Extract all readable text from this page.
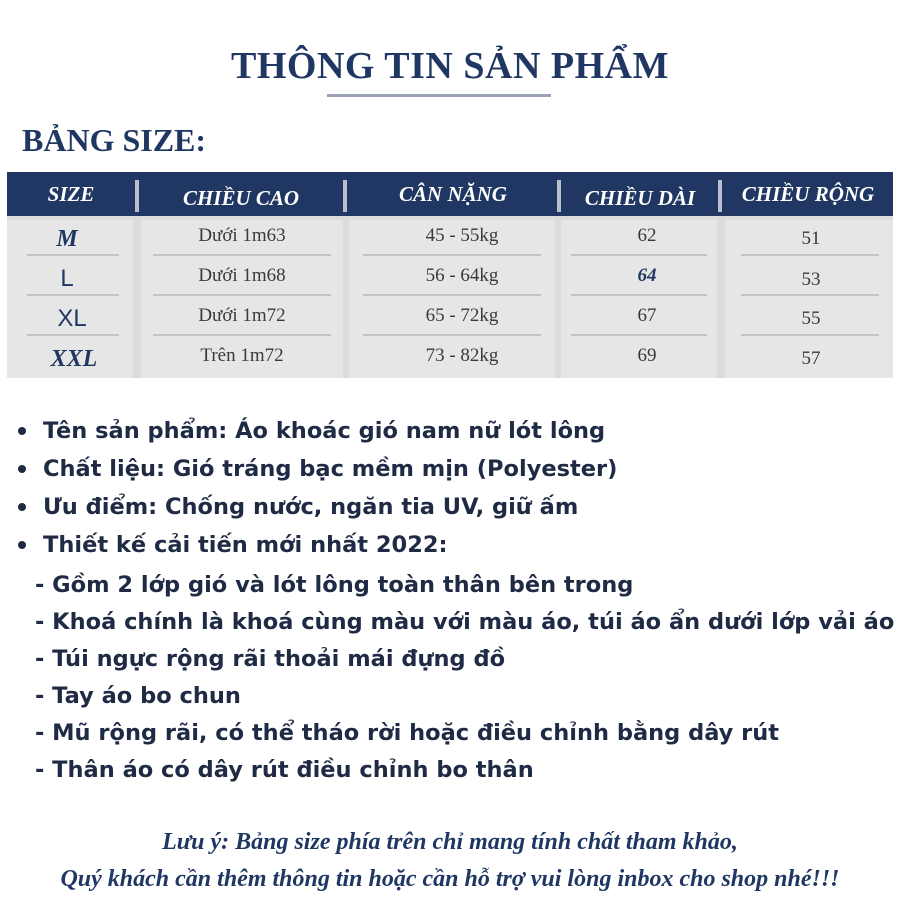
THÔNG TIN SẢN PHẨM
BẢNG SIZE:
SIZE	CHIỀU CAO	CÂN NẶNG	CHIỀU DÀI	CHIỀU RỘNG
M	Dưới 1m63	45 - 55kg	62	51
L	Dưới 1m68	56 - 64kg	64	53
XL	Dưới 1m72	65 - 72kg	67	55
XXL	Trên 1m72	73 - 82kg	69	57
Tên sản phẩm: Áo khoác gió nam nữ lót lông
Chất liệu: Gió tráng bạc mềm mịn (Polyester)
Ưu điểm: Chống nước, ngăn tia UV, giữ ấm
Thiết kế cải tiến mới nhất 2022:
- Gồm 2 lớp gió và lót lông toàn thân bên trong
- Khoá chính là khoá cùng màu với màu áo, túi áo ẩn dưới lớp vải áo
- Túi ngực rộng rãi thoải mái đựng đồ
- Tay áo bo chun
- Mũ rộng rãi, có thể tháo rời hoặc điều chỉnh bằng dây rút
- Thân áo có dây rút điều chỉnh bo thân
Lưu ý: Bảng size phía trên chỉ mang tính chất tham khảo,
Quý khách cần thêm thông tin hoặc cần hỗ trợ vui lòng inbox cho shop nhé!!!
